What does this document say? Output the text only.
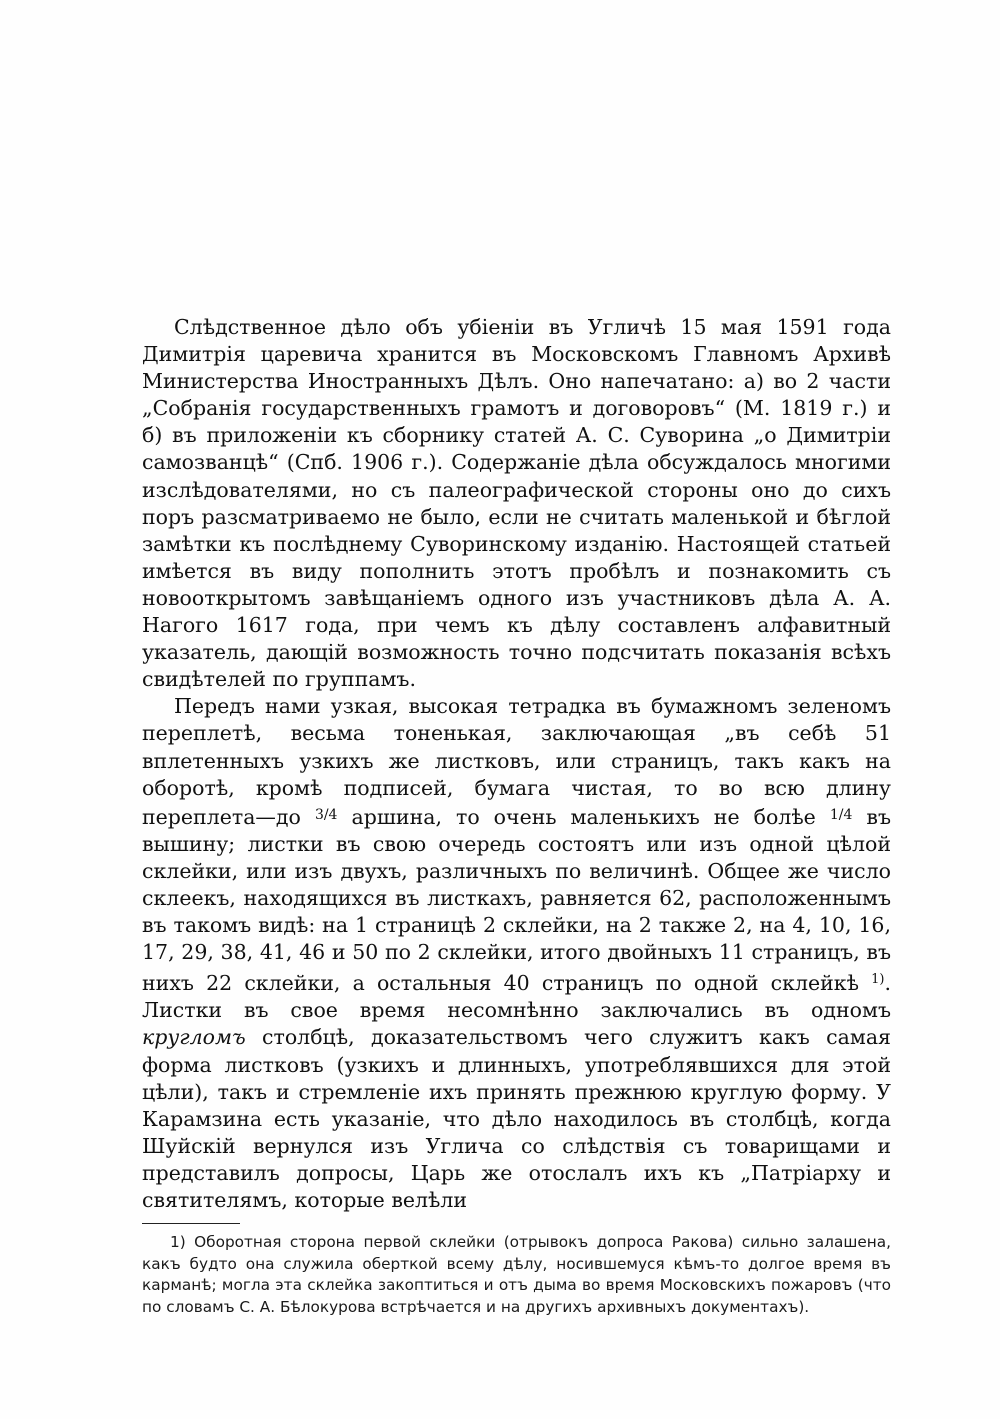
Слѣдственное дѣло объ убіеніи въ Угличѣ 15 мая 1591 года Димитрія царевича хранится въ Московскомъ Главномъ Архивѣ Министерства Иностранныхъ Дѣлъ. Оно напечатано: а) во 2 части „Собранія государственныхъ грамотъ и договоровъ“ (М. 1819 г.) и б) въ приложеніи къ сборнику статей А. С. Суворина „о Димитріи самозванцѣ“ (Спб. 1906 г.). Содержаніе дѣла обсуждалось многими изслѣдователями, но съ палеографической стороны оно до сихъ поръ разсматриваемо не было, если не считать маленькой и бѣглой замѣтки къ послѣднему Суворинскому изданію. Настоящей статьей имѣется въ виду пополнить этотъ пробѣлъ и познакомить съ новооткрытомъ завѣщаніемъ одного изъ участниковъ дѣла А. А. Нагого 1617 года, при чемъ къ дѣлу составленъ алфавитный указатель, дающій возможность точно подсчитать показанія всѣхъ свидѣтелей по группамъ.

Передъ нами узкая, высокая тетрадка въ бумажномъ зеленомъ переплетѣ, весьма тоненькая, заключающая „въ себѣ 51 вплетенныхъ узкихъ же листковъ, или страницъ, такъ какъ на оборотѣ, кромѣ подписей, бумага чистая, то во всю длину переплета—до $^{3/4}$ аршина, то очень маленькихъ не болѣе $^{1/4}$ въ вышину; листки въ свою очередь состоятъ или изъ одной цѣлой склейки, или изъ двухъ, различныхъ по величинѣ. Общее же число склеекъ, находящихся въ листкахъ, равняется 62, расположеннымъ въ такомъ видѣ: на 1 страницѣ 2 склейки, на 2 также 2, на 4, 10, 16, 17, 29, 38, 41, 46 и 50 по 2 склейки, итого двойныхъ 11 страницъ, въ нихъ 22 склейки, а остальныя 40 страницъ по одной склейкѣ $^{1)}$. Листки въ свое время несомнѣнно заключались въ одномъ кругломъ столбцѣ, доказательствомъ чего служитъ какъ самая форма листковъ (узкихъ и длинныхъ, употреблявшихся для этой цѣли), такъ и стремленіе ихъ принять прежнюю круглую форму. У Карамзина есть указаніе, что дѣло находилось въ столбцѣ, когда Шуйскій вернулся изъ Углича со слѣдствія съ товарищами и представилъ допросы, Царь же отослалъ ихъ къ „Патріарху и святителямъ, которые велѣли

1) Оборотная сторона первой склейки (отрывокъ допроса Ракова) сильно залашена, какъ будто она служила оберткой всему дѣлу, носившемуся кѣмъ-то долгое время въ карманѣ; могла эта склейка закоптиться и отъ дыма во время Московскихъ пожаровъ (что по словамъ С. А. Бѣлокурова встрѣчается и на другихъ архивныхъ документахъ).
